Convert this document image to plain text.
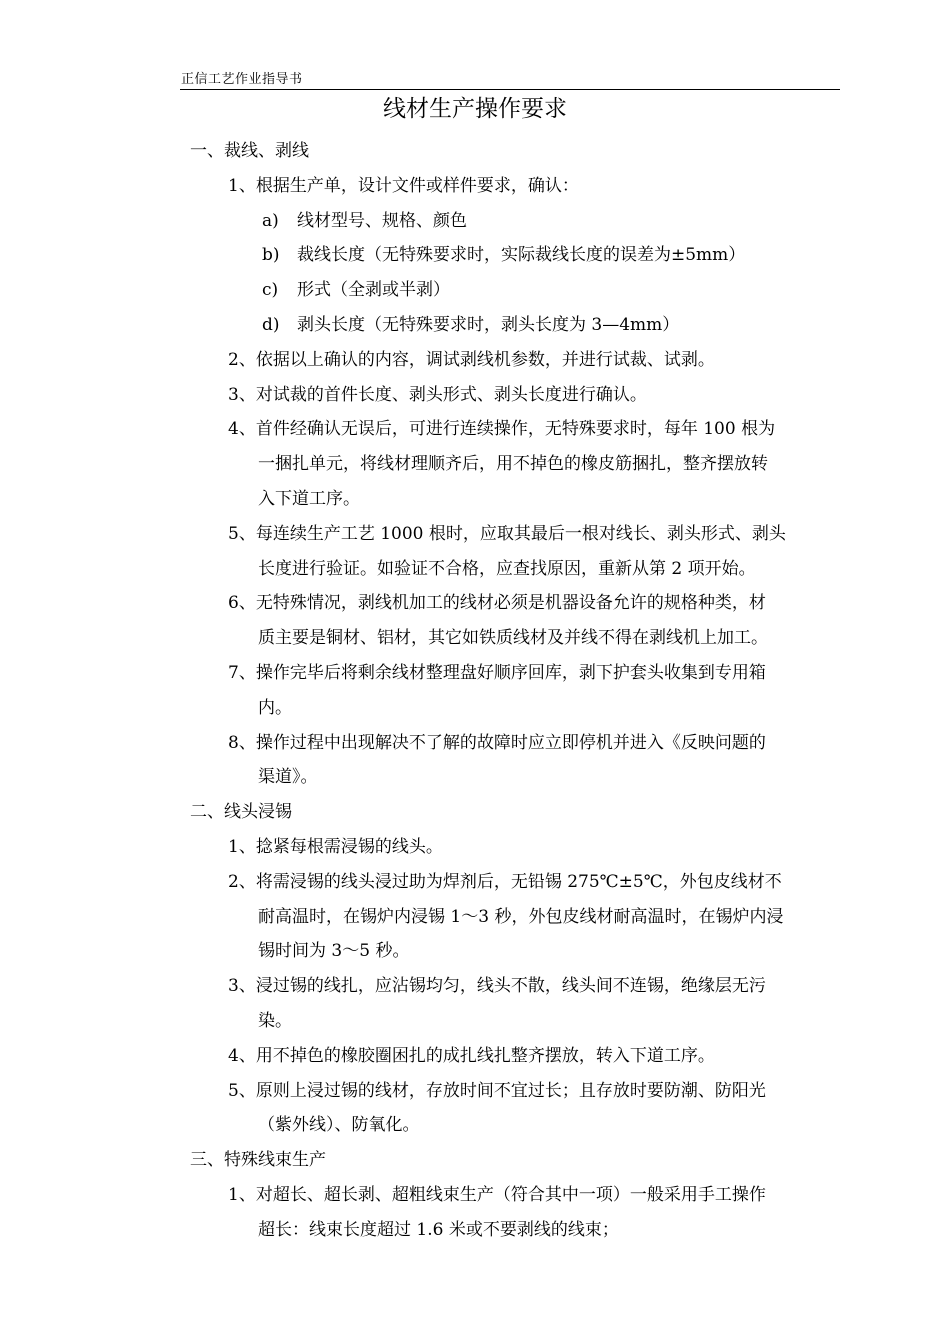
正信工艺作业指导书
线材生产操作要求
一、裁线、剥线
1、根据生产单，设计文件或样件要求，确认：
a) 线材型号、规格、颜色
b) 裁线长度（无特殊要求时，实际裁线长度的误差为±5mm）
c) 形式（全剥或半剥）
d) 剥头长度（无特殊要求时，剥头长度为 3—4mm）
2、依据以上确认的内容，调试剥线机参数，并进行试裁、试剥。
3、对试裁的首件长度、剥头形式、剥头长度进行确认。
4、首件经确认无误后，可进行连续操作，无特殊要求时，每年 100 根为
一捆扎单元，将线材理顺齐后，用不掉色的橡皮筋捆扎，整齐摆放转
入下道工序。
5、每连续生产工艺 1000 根时，应取其最后一根对线长、剥头形式、剥头
长度进行验证。如验证不合格，应查找原因，重新从第 2 项开始。
6、无特殊情况，剥线机加工的线材必须是机器设备允许的规格种类，材
质主要是铜材、铝材，其它如铁质线材及并线不得在剥线机上加工。
7、操作完毕后将剩余线材整理盘好顺序回库，剥下护套头收集到专用箱
内。
8、操作过程中出现解决不了解的故障时应立即停机并进入《反映问题的
渠道》。
二、线头浸锡
1、捻紧每根需浸锡的线头。
2、将需浸锡的线头浸过助为焊剂后，无铅锡 275℃±5℃，外包皮线材不
耐高温时，在锡炉内浸锡 1～3 秒，外包皮线材耐高温时，在锡炉内浸
锡时间为 3～5 秒。
3、浸过锡的线扎，应沾锡均匀，线头不散，线头间不连锡，绝缘层无污
染。
4、用不掉色的橡胶圈困扎的成扎线扎整齐摆放，转入下道工序。
5、原则上浸过锡的线材，存放时间不宜过长；且存放时要防潮、防阳光
（紫外线）、防氧化。
三、特殊线束生产
1、对超长、超长剥、超粗线束生产（符合其中一项）一般采用手工操作
超长：线束长度超过 1.6 米或不要剥线的线束；
